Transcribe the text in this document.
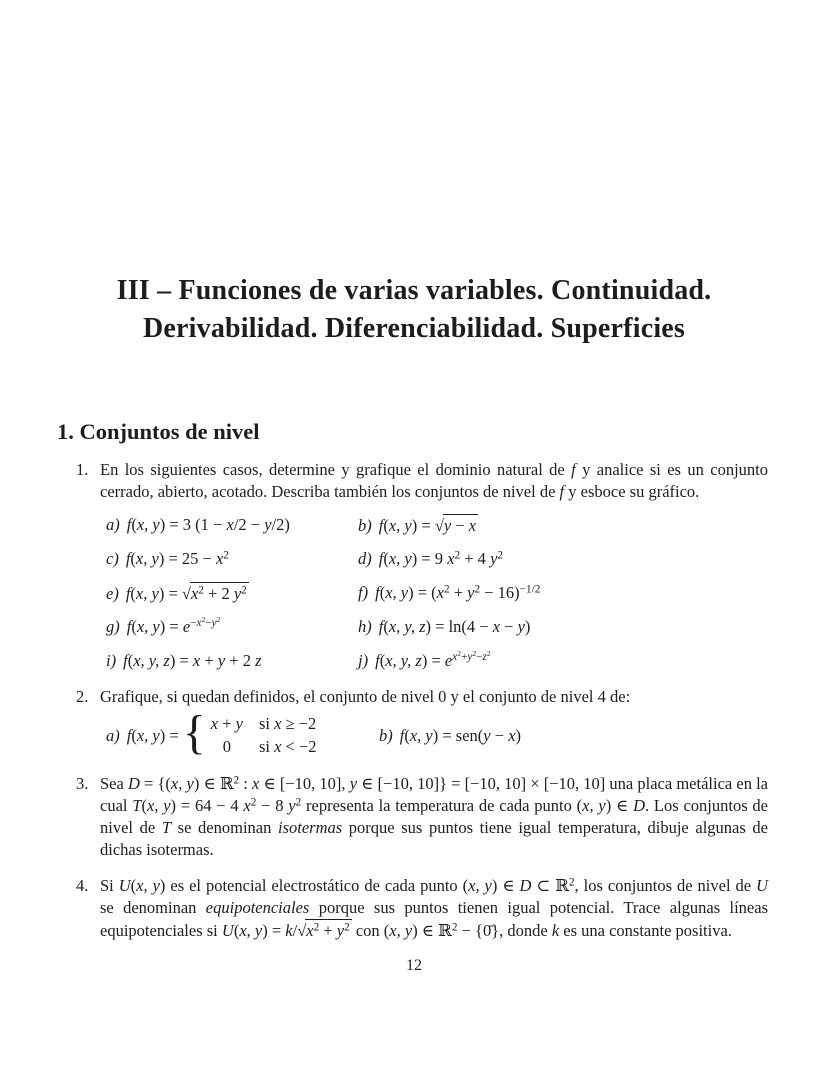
III – Funciones de varias variables. Continuidad.
Derivabilidad. Diferenciabilidad. Superficies
1. Conjuntos de nivel
1. En los siguientes casos, determine y grafique el dominio natural de f y analice si es un conjunto cerrado, abierto, acotado. Describa también los conjuntos de nivel de f y esboce su gráfico.

a) f(x, y) = 3 (1 − x/2 − y/2)	b) f(x, y) = √y − x
c) f(x, $y) = 25 - x^2$	d) f(x, y) = 9 $x^2 + 4$ $y^2$
e) f(x, $y) = √x^2 + 2$ $y^2$	f) f(x, $y) = (x^2 + y^2 - 16)^{-1/2}$
g) f(x, $y) = e^{-x^2-y^2}$	h) f(x, y, z) = ln(4 − x − y)
i) f(x, y, z) = x + y + 2 z	j) f(x, y, $z) = e^{x^2+y^2-z^2}$
2. Grafique, si quedan definidos, el conjunto de nivel 0 y el conjunto de nivel 4 de:

a) f(x, y) = { x + y si x ≥ −2
0	si x < −2
b) f(x, y) = sen(y − x)
3. Sea D = {(x, y) ∈ ℝ$^2$ : x ∈ [−10, 10], y ∈ [−10, 10]} = [−10, 10] × [−10, 10] una placa metálica en la cual T(x, y) = 64 − 4 $x^2 - 8$ $y^2$ representa la temperatura de cada punto (x, y) ∈ D. Los conjuntos de nivel de T se denominan isotermas porque sus puntos tiene igual temperatura, dibuje algunas de dichas isotermas.

4. Si U(x, y) es el potencial electrostático de cada punto (x, y) ∈ D ⊂ ℝ$^2$, los conjuntos de nivel de U se denominan equipotenciales porque sus puntos tienen igual potencial. Trace algunas líneas equipotenciales si U(x, $y) = k/√x^2 + y^2$ con (x, y) ∈ ℝ$^2$ − {0̄}, donde k es una constante positiva.

12
